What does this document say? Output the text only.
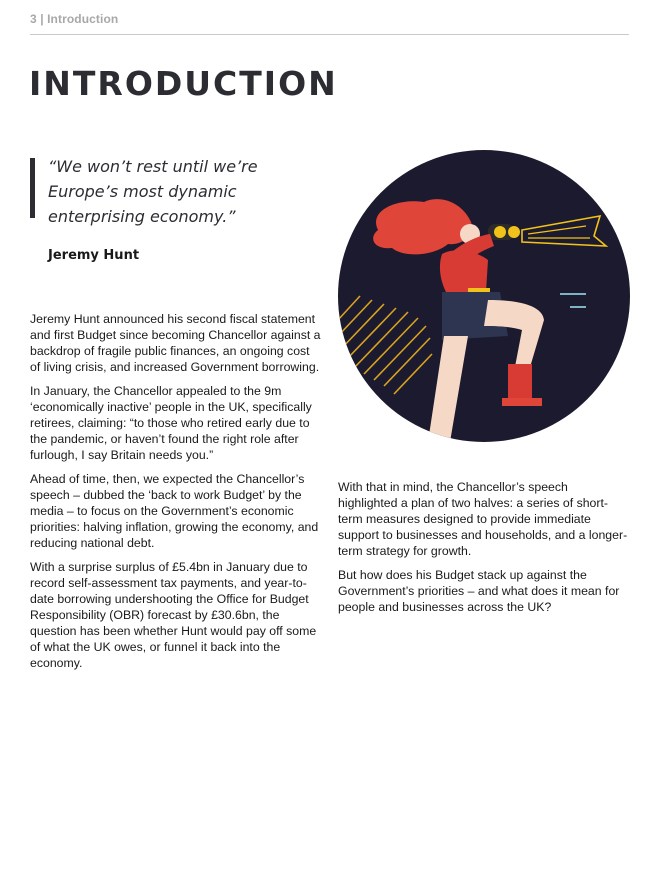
3 | Introduction
INTRODUCTION
“We won’t rest until we’re
Europe’s most dynamic
enterprising economy.”
Jeremy Hunt

Jeremy Hunt announced his second fiscal statement and first Budget since becoming Chancellor against a backdrop of fragile public finances, an ongoing cost of living crisis, and increased Government borrowing.

In January, the Chancellor appealed to the 9m ‘economically inactive’ people in the UK, specifically retirees, claiming: “to those who retired early due to the pandemic, or haven’t found the right role after furlough, I say Britain needs you.”

Ahead of time, then, we expected the Chancellor’s speech – dubbed the ‘back to work Budget’ by the media – to focus on the Government’s economic priorities: halving inflation, growing the economy, and reducing national debt.

With a surprise surplus of £5.4bn in January due to record self-assessment tax payments, and year-to-date borrowing undershooting the Office for Budget Responsibility (OBR) forecast by £30.6bn, the question has been whether Hunt would pay off some of what the UK owes, or funnel it back into the economy.

With that in mind, the Chancellor’s speech highlighted a plan of two halves: a series of short-term measures designed to provide immediate support to businesses and households, and a longer-term strategy for growth.

But how does his Budget stack up against the Government’s priorities – and what does it mean for people and businesses across the UK?
